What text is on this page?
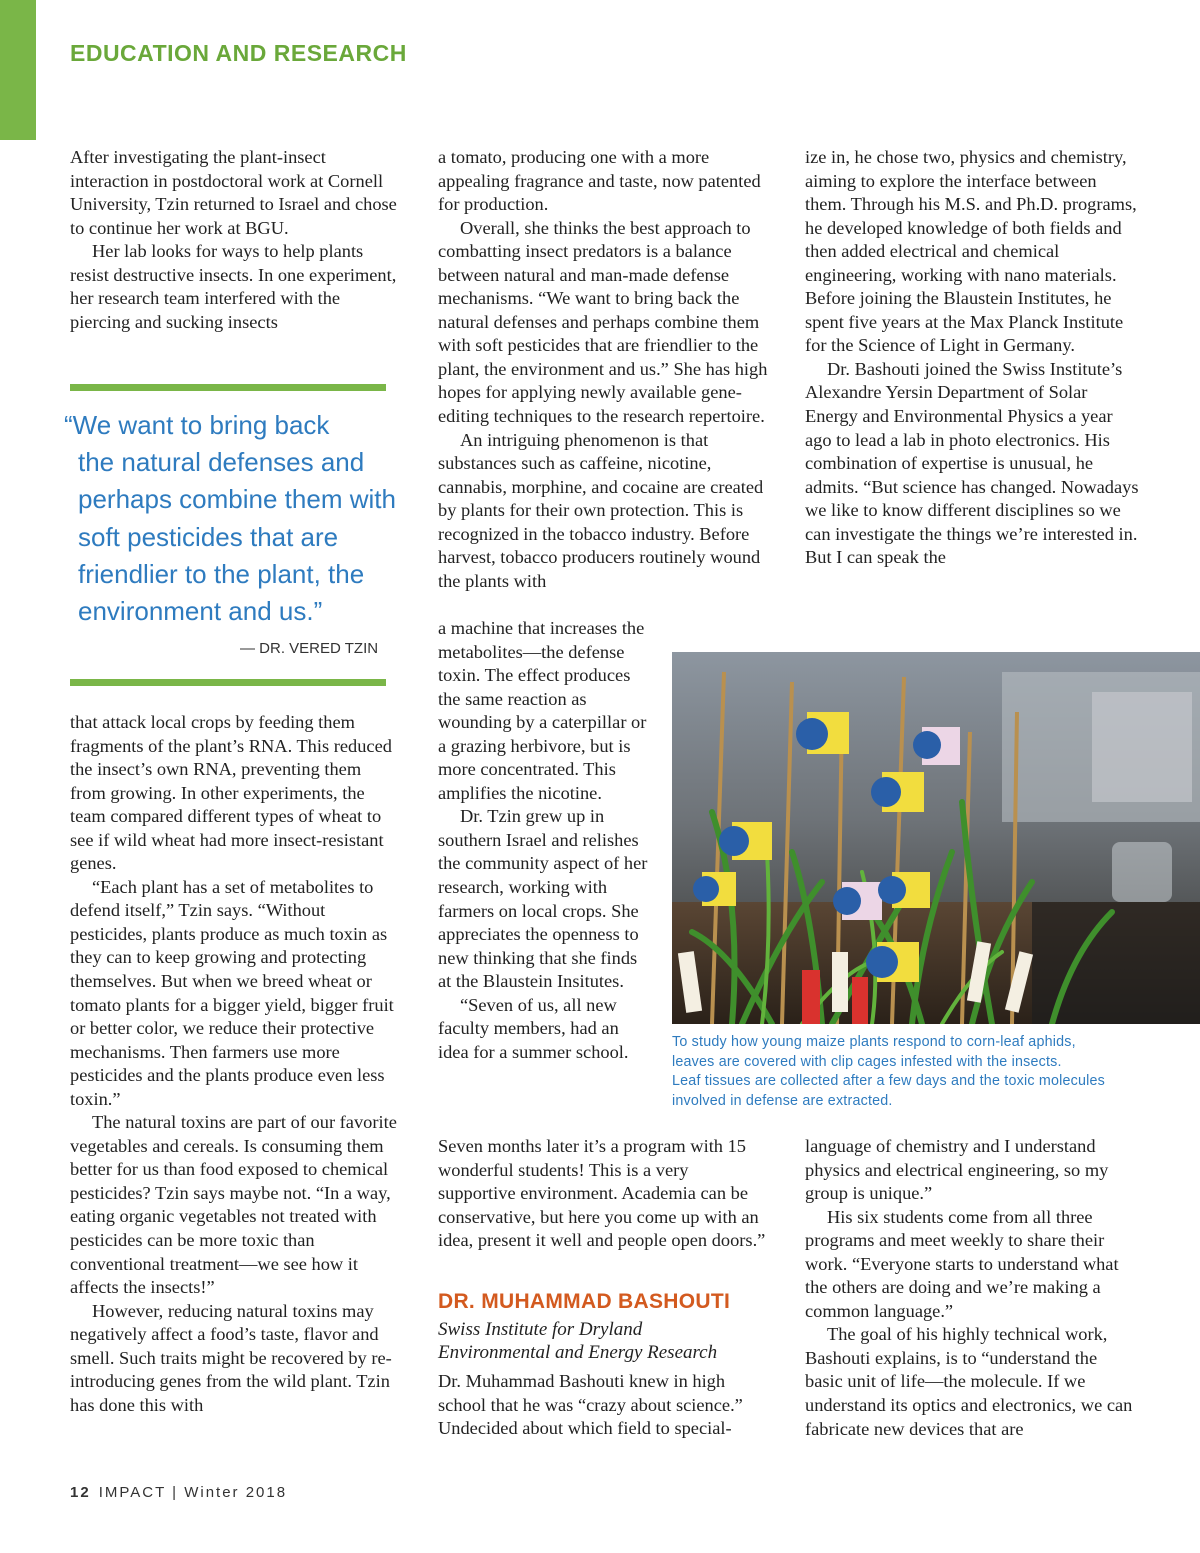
EDUCATION AND RESEARCH

After investigating the plant-insect interaction in postdoctoral work at Cornell University, Tzin returned to Israel and chose to continue her work at BGU.

Her lab looks for ways to help plants resist destructive insects. In one experiment, her research team interfered with the piercing and sucking insects

“We want to bring back
the natural defenses and
perhaps combine them with
soft pesticides that are
friendlier to the plant, the
environment and us.”
— DR. VERED TZIN

that attack local crops by feeding them fragments of the plant’s RNA. This reduced the insect’s own RNA, preventing them from growing. In other experiments, the team compared different types of wheat to see if wild wheat had more insect-resistant genes.

“Each plant has a set of metabolites to defend itself,” Tzin says. “Without pesticides, plants produce as much toxin as they can to keep growing and protecting themselves. But when we breed wheat or tomato plants for a bigger yield, bigger fruit or better color, we reduce their protective mechanisms. Then farmers use more pesticides and the plants produce even less toxin.”

The natural toxins are part of our favorite vegetables and cereals. Is consuming them better for us than food exposed to chemical pesticides? Tzin says maybe not. “In a way, eating organic vegetables not treated with pesticides can be more toxic than conventional treatment—we see how it affects the insects!”

However, reducing natural toxins may negatively affect a food’s taste, flavor and smell. Such traits might be recovered by re-introducing genes from the wild plant. Tzin has done this with

a tomato, producing one with a more appealing fragrance and taste, now patented for production.

Overall, she thinks the best approach to combatting insect predators is a balance between natural and man-made defense mechanisms. “We want to bring back the natural defenses and perhaps combine them with soft pesticides that are friendlier to the plant, the environment and us.” She has high hopes for applying newly available gene-editing techniques to the research repertoire.

An intriguing phenomenon is that substances such as caffeine, nicotine, cannabis, morphine, and cocaine are created by plants for their own protection. This is recognized in the tobacco industry. Before harvest, tobacco producers routinely wound the plants with

a machine that increases the metabolites—the defense toxin. The effect produces the same reaction as wounding by a caterpillar or a grazing herbivore, but is more concentrated. This amplifies the nicotine.

Dr. Tzin grew up in southern Israel and relishes the community aspect of her research, working with farmers on local crops. She appreciates the openness to new thinking that she finds at the Blaustein Insitutes.

“Seven of us, all new faculty members, had an idea for a summer school.

Seven months later it’s a program with 15 wonderful students! This is a very supportive environment. Academia can be conservative, but here you come up with an idea, present it well and people open doors.”

DR. MUHAMMAD BASHOUTI
Swiss Institute for Dryland
Environmental and Energy Research

Dr. Muhammad Bashouti knew in high school that he was “crazy about science.” Undecided about which field to special-

ize in, he chose two, physics and chemistry, aiming to explore the interface between them. Through his M.S. and Ph.D. programs, he developed knowledge of both fields and then added electrical and chemical engineering, working with nano materials. Before joining the Blaustein Institutes, he spent five years at the Max Planck Institute for the Science of Light in Germany.

Dr. Bashouti joined the Swiss Institute’s Alexandre Yersin Department of Solar Energy and Environmental Physics a year ago to lead a lab in photo electronics. His combination of expertise is unusual, he admits. “But science has changed. Nowadays we like to know different disciplines so we can investigate the things we’re interested in. But I can speak the

To study how young maize plants respond to corn-leaf aphids,
leaves are covered with clip cages infested with the insects.
Leaf tissues are collected after a few days and the toxic molecules
involved in defense are extracted.

language of chemistry and I understand physics and electrical engineering, so my group is unique.”

His six students come from all three programs and meet weekly to share their work. “Everyone starts to understand what the others are doing and we’re making a common language.”

The goal of his highly technical work, Bashouti explains, is to “understand the basic unit of life—the molecule. If we understand its optics and electronics, we can fabricate new devices that are

12 IMPACT | Winter 2018
